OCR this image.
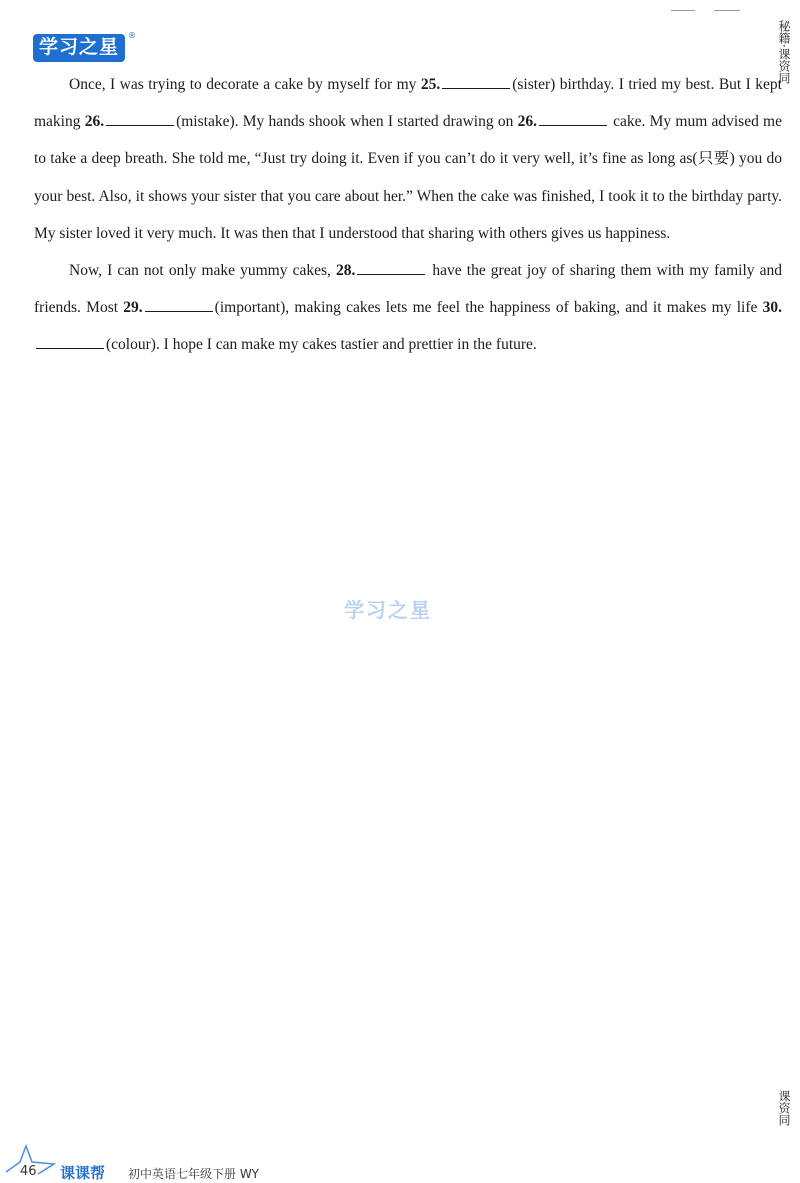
学习之星
®	秘籍·课资同

Once, I was trying to decorate a cake by myself for my 25.	(sister) birthday. I tried my best. But I kept making 26.	(mistake). My hands shook when I started drawing on 26.	cake. My mum advised me to take a deep breath. She told me, “Just try doing it. Even if you can’t do it very well, it’s fine as long as(只要) you do your best. Also, it shows your sister that you care about her.” When the cake was finished, I took it to the birthday party. My sister loved it very much. It was then that I understood that sharing with others gives us happiness.

Now, I can not only make yummy cakes, 28.	have the great joy of sharing them with my family and friends. Most 29.	(important), making cakes lets me feel the happiness of baking, and it makes my life 30.(colour). I hope I can make my cakes tastier and prettier in the future.

学习之星
课资同
46 课课帮 初中英语七年级下册 WY
